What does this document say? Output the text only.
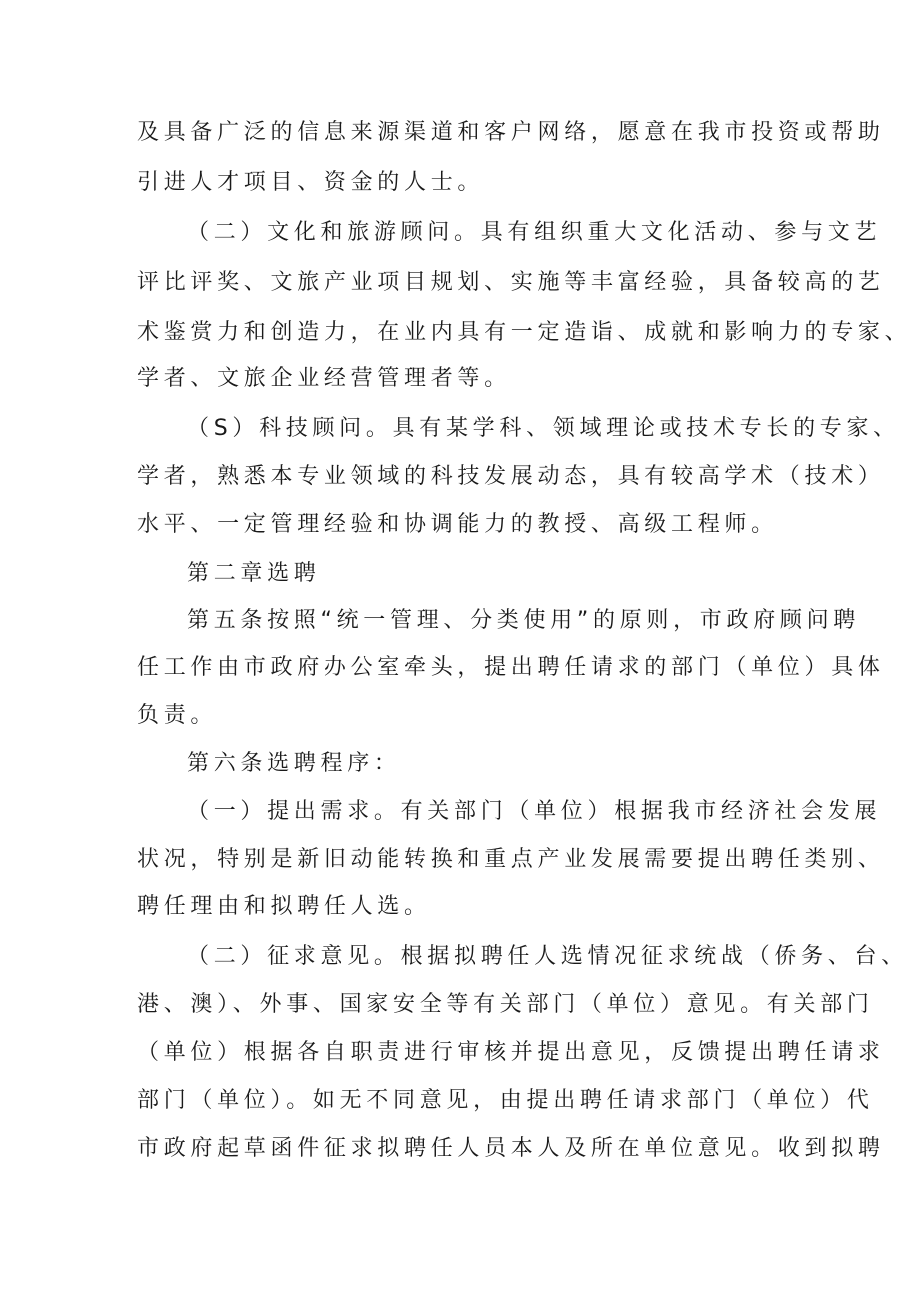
及具备广泛的信息来源渠道和客户网络，愿意在我市投资或帮助

引进人才项目、资金的人士。

（二）文化和旅游顾问。具有组织重大文化活动、参与文艺

评比评奖、文旅产业项目规划、实施等丰富经验，具备较高的艺

术鉴赏力和创造力，在业内具有一定造诣、成就和影响力的专家、

学者、文旅企业经营管理者等。

（S）科技顾问。具有某学科、领域理论或技术专长的专家、

学者，熟悉本专业领域的科技发展动态，具有较高学术（技术）

水平、一定管理经验和协调能力的教授、高级工程师。

第二章选聘

第五条按照“统一管理、分类使用”的原则，市政府顾问聘

任工作由市政府办公室牵头，提出聘任请求的部门（单位）具体

负责。

第六条选聘程序：

（一）提出需求。有关部门（单位）根据我市经济社会发展

状况，特别是新旧动能转换和重点产业发展需要提出聘任类别、

聘任理由和拟聘任人选。

（二）征求意见。根据拟聘任人选情况征求统战（侨务、台、

港、澳）、外事、国家安全等有关部门（单位）意见。有关部门

（单位）根据各自职责进行审核并提出意见，反馈提出聘任请求

部门（单位）。如无不同意见，由提出聘任请求部门（单位）代

市政府起草函件征求拟聘任人员本人及所在单位意见。收到拟聘
